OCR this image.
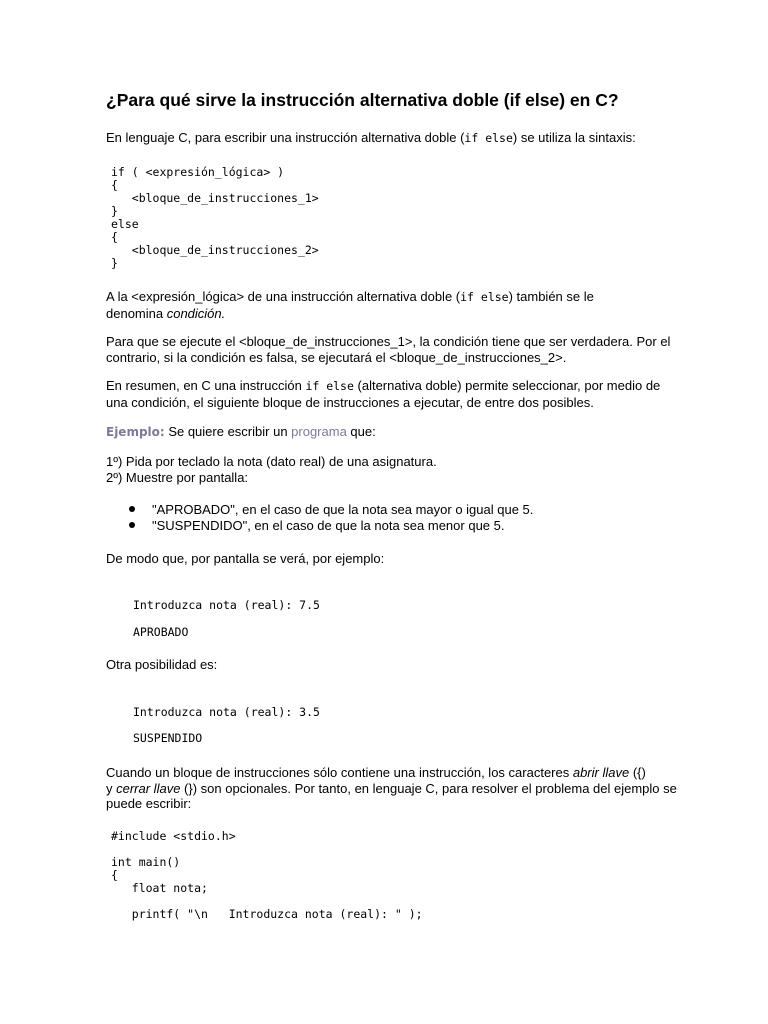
¿Para qué sirve la instrucción alternativa doble (if else) en C?

En lenguaje C, para escribir una instrucción alternativa doble (if else) se utiliza la sintaxis:

if ( <expresión_lógica> )
{
<bloque_de_instrucciones_1>
}
else
{
<bloque_de_instrucciones_2>
}

A la <expresión_lógica> de una instrucción alternativa doble (if else) también se le
denomina condición.

Para que se ejecute el <bloque_de_instrucciones_1>, la condición tiene que ser verdadera. Por el
contrario, si la condición es falsa, se ejecutará el <bloque_de_instrucciones_2>.

En resumen, en C una instrucción if else (alternativa doble) permite seleccionar, por medio de
una condición, el siguiente bloque de instrucciones a ejecutar, de entre dos posibles.

Ejemplo: Se quiere escribir un programa que:

1º) Pida por teclado la nota (dato real) de una asignatura.
2º) Muestre por pantalla:

"APROBADO", en el caso de que la nota sea mayor o igual que 5.

"SUSPENDIDO", en el caso de que la nota sea menor que 5.

De modo que, por pantalla se verá, por ejemplo:

Introduzca nota (real): 7.5
APROBADO

Otra posibilidad es:

Introduzca nota (real): 3.5
SUSPENDIDO

Cuando un bloque de instrucciones sólo contiene una instrucción, los caracteres abrir llave ({)
y cerrar llave (}) son opcionales. Por tanto, en lenguaje C, para resolver el problema del ejemplo se
puede escribir:

#include <stdio.h>
int main()
{
float nota;
printf( "\n   Introduzca nota (real): " );
